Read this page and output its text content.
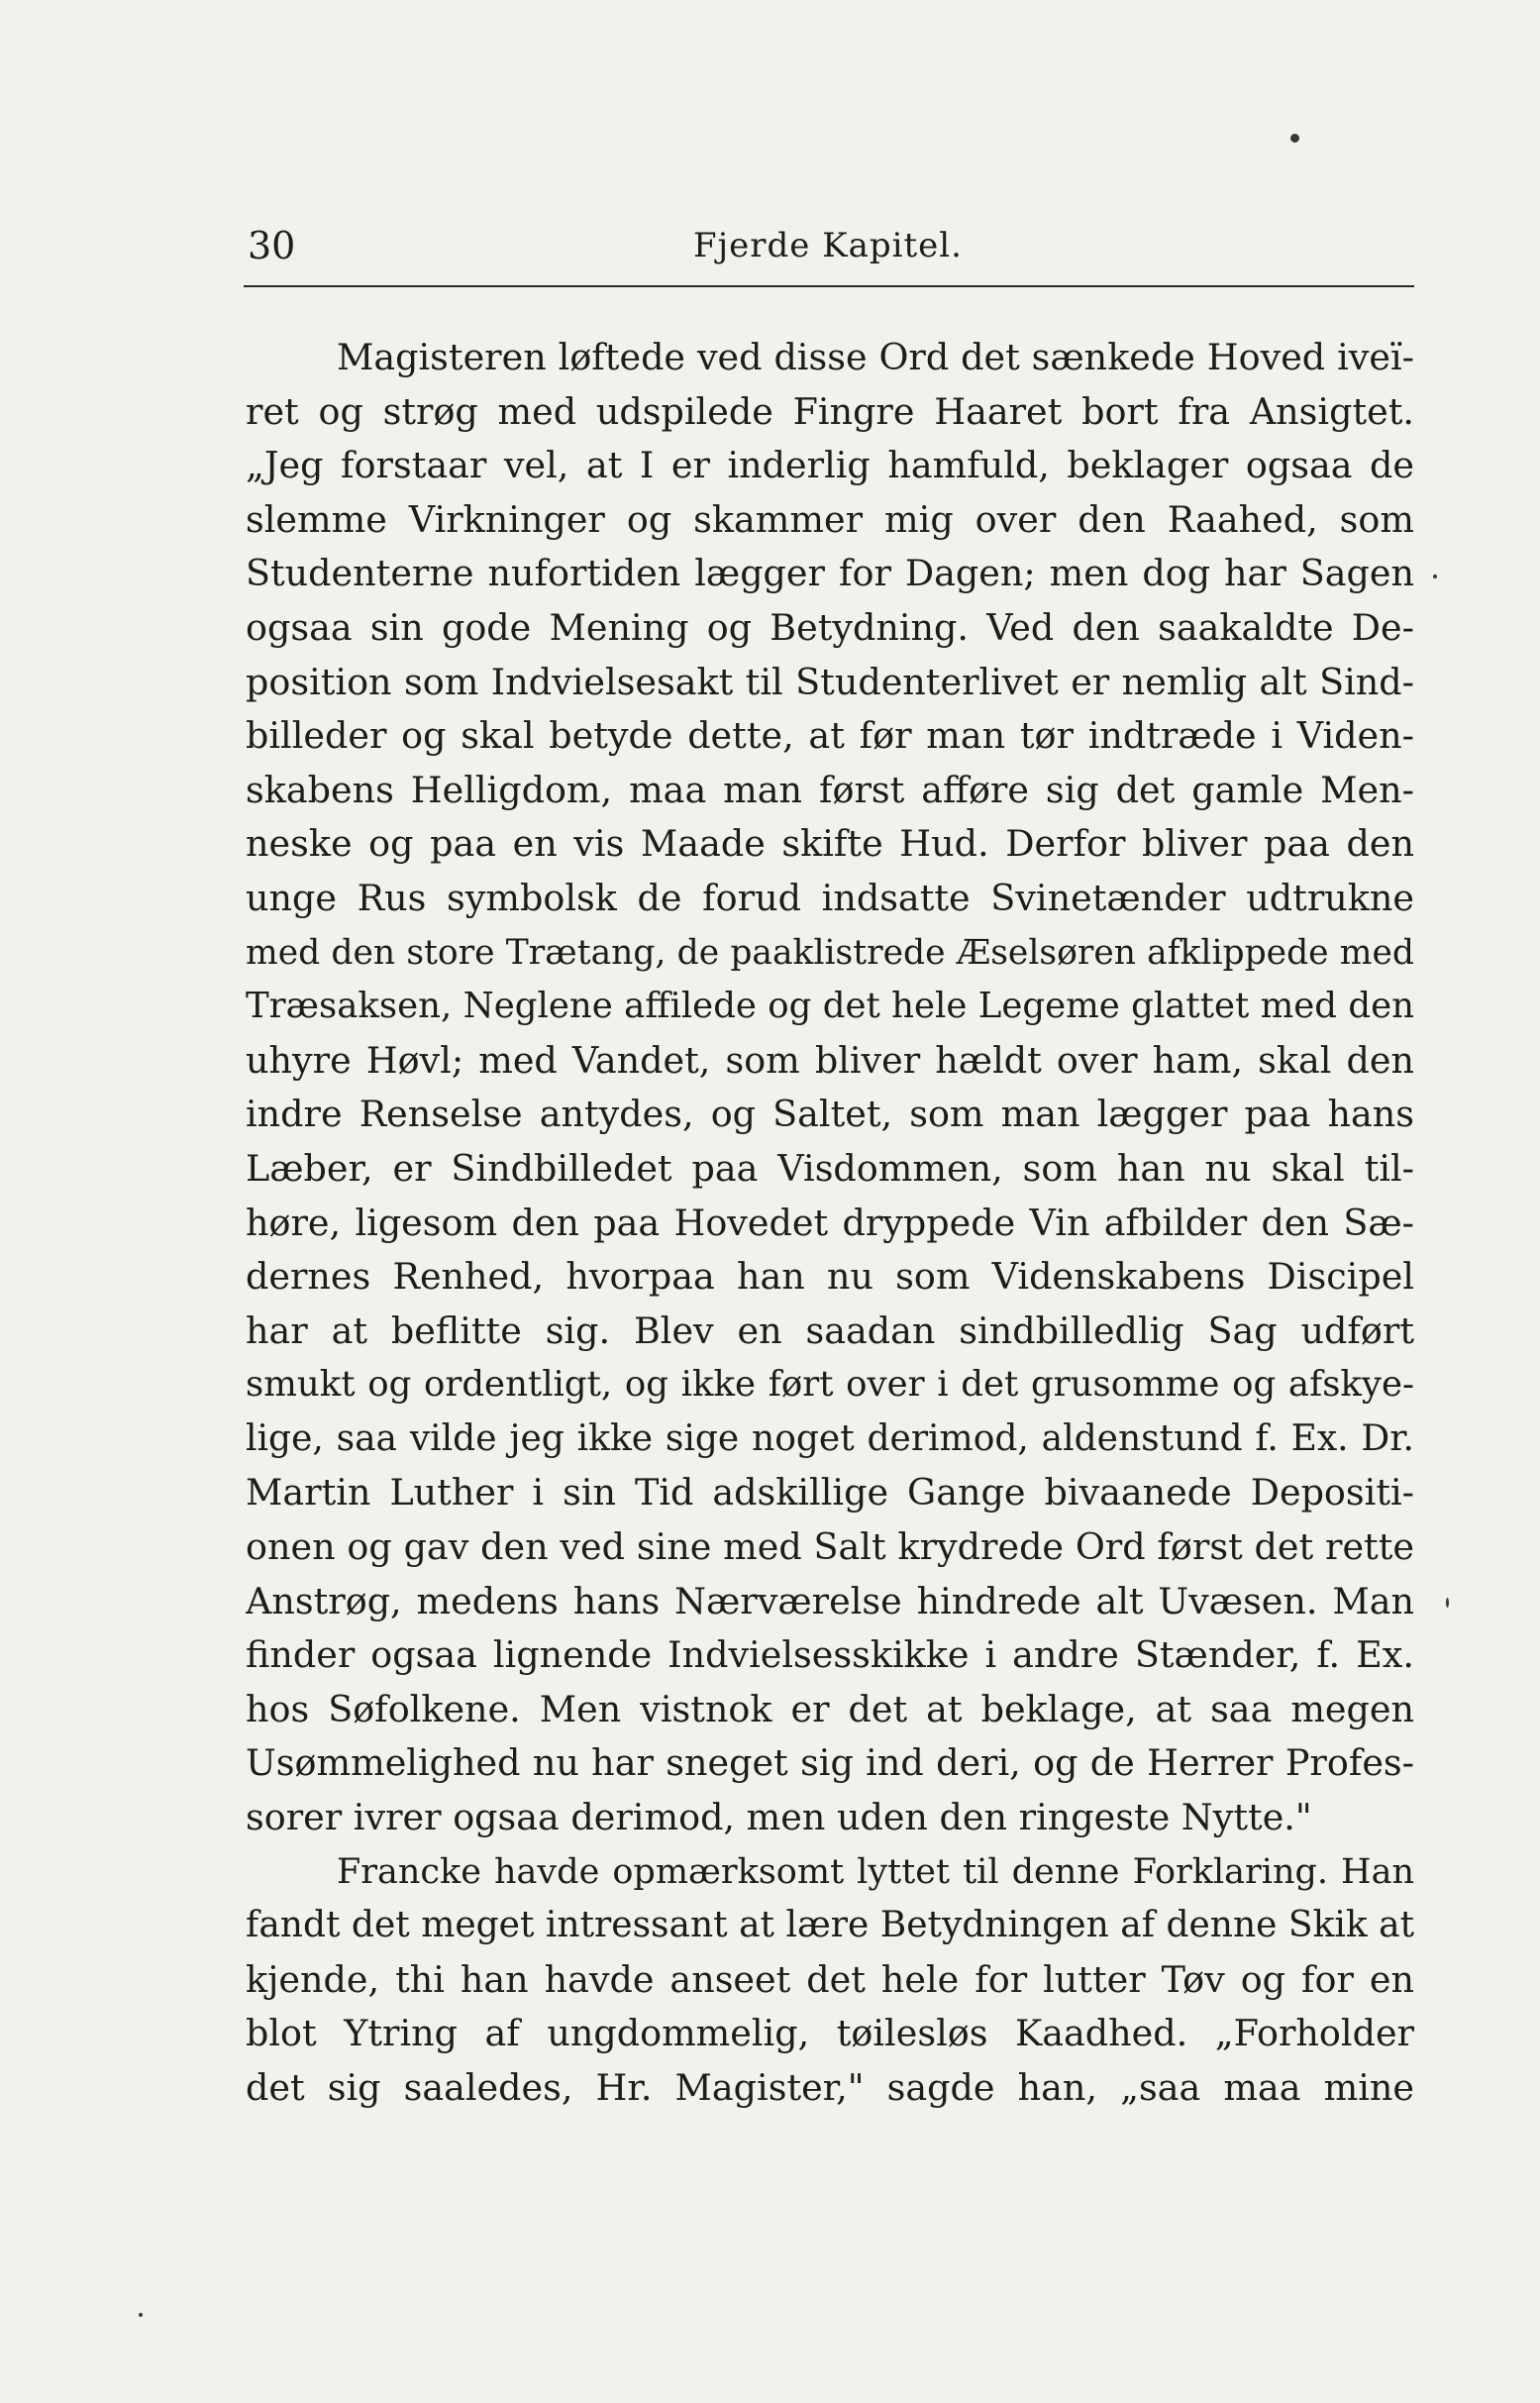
30	Fjerde Kapitel.
Magisteren løftede ved disse Ord det sænkede Hoved iveï-
ret og strøg med udspilede Fingre Haaret bort fra Ansigtet.
„Jeg forstaar vel, at I er inderlig hamfuld, beklager ogsaa de
slemme Virkninger og skammer mig over den Raahed, som
Studenterne nufortiden lægger for Dagen; men dog har Sagen
ogsaa sin gode Mening og Betydning. Ved den saakaldte De-
position som Indvielsesakt til Studenterlivet er nemlig alt Sind-
billeder og skal betyde dette, at før man tør indtræde i Viden-
skabens Helligdom, maa man først afføre sig det gamle Men-
neske og paa en vis Maade skifte Hud. Derfor bliver paa den
unge Rus symbolsk de forud indsatte Svinetænder udtrukne
med den store Trætang, de paaklistrede Æselsøren afklippede med
Træsaksen, Neglene affilede og det hele Legeme glattet med den
uhyre Høvl; med Vandet, som bliver hældt over ham, skal den
indre Renselse antydes, og Saltet, som man lægger paa hans
Læber, er Sindbilledet paa Visdommen, som han nu skal til-
høre, ligesom den paa Hovedet dryppede Vin afbilder den Sæ-
dernes Renhed, hvorpaa han nu som Videnskabens Discipel
har at beflitte sig. Blev en saadan sindbilledlig Sag udført
smukt og ordentligt, og ikke ført over i det grusomme og afskye-
lige, saa vilde jeg ikke sige noget derimod, aldenstund f. Ex. Dr.
Martin Luther i sin Tid adskillige Gange bivaanede Depositi-
onen og gav den ved sine med Salt krydrede Ord først det rette
Anstrøg, medens hans Nærværelse hindrede alt Uvæsen. Man
finder ogsaa lignende Indvielsesskikke i andre Stænder, f. Ex.
hos Søfolkene. Men vistnok er det at beklage, at saa megen
Usømmelighed nu har sneget sig ind deri, og de Herrer Profes-
sorer ivrer ogsaa derimod, men uden den ringeste Nytte."
Francke havde opmærksomt lyttet til denne Forklaring. Han
fandt det meget intressant at lære Betydningen af denne Skik at
kjende, thi han havde anseet det hele for lutter Tøv og for en
blot Ytring af ungdommelig, tøilesløs Kaadhed. „Forholder
det sig saaledes, Hr. Magister," sagde han, „saa maa mine
